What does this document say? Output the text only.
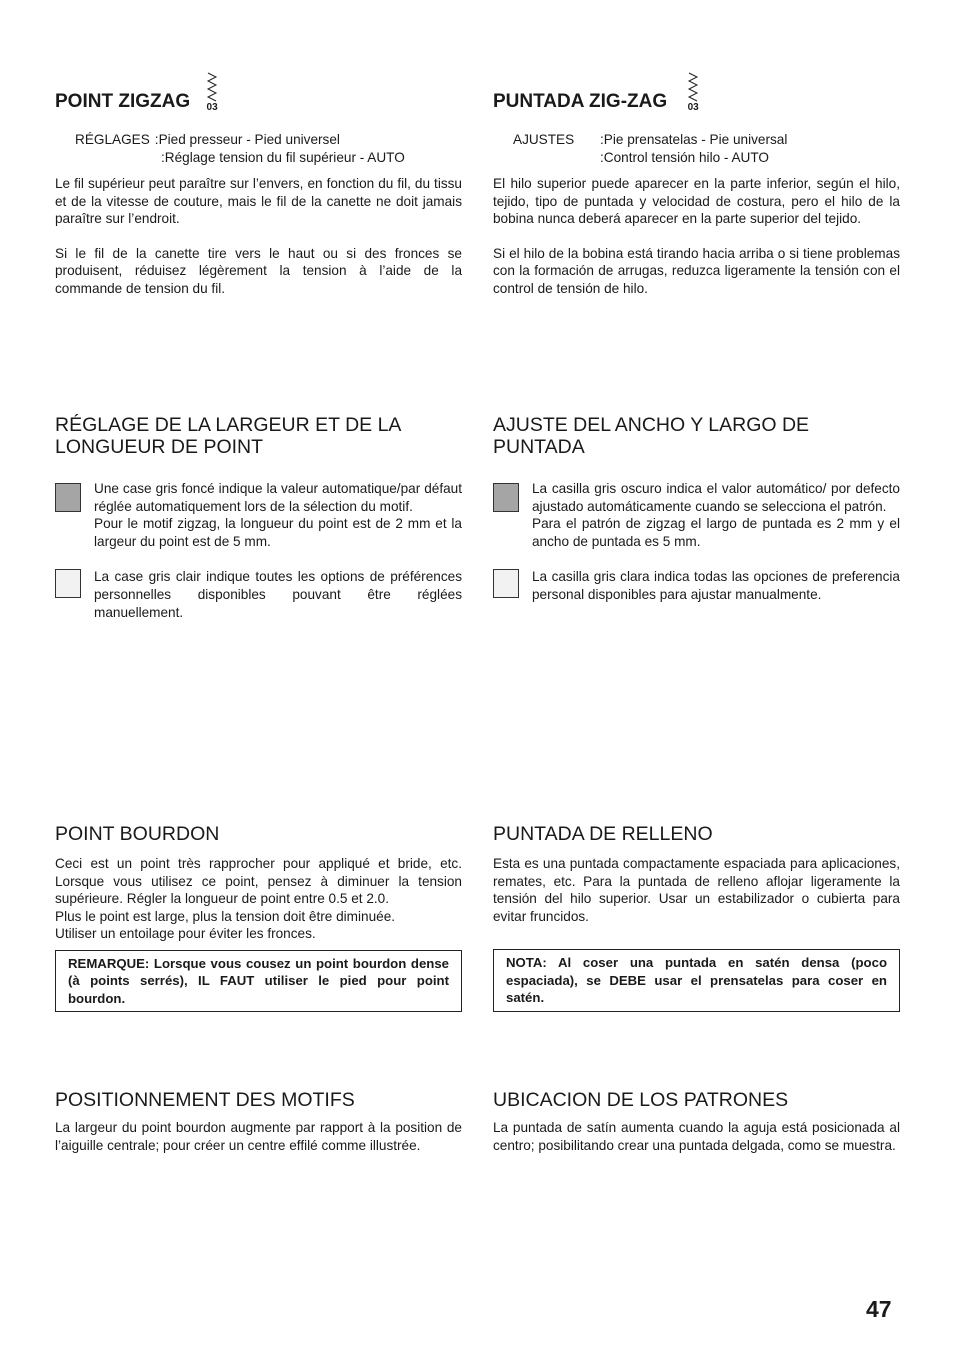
POINT ZIGZAG 03
RÉGLAGES :Pied presseur - Pied universel
:Réglage tension du fil supérieur - AUTO

Le fil supérieur peut paraître sur l’envers, en fonction du fil, du tissu et de la vitesse de couture, mais le fil de la canette ne doit jamais paraître sur l’endroit.

Si le fil de la canette tire vers le haut ou si des fronces se produisent, réduisez légèrement la tension à l’aide de la commande de tension du fil.

RÉGLAGE DE LA LARGEUR ET DE LA LONGUEUR DE POINT

Une case gris foncé indique la valeur automatique/par défaut réglée automatiquement lors de la sélection du motif.

Pour le motif zigzag, la longueur du point est de 2 mm et la largeur du point est de 5 mm.

La case gris clair indique toutes les options de préférences personnelles disponibles pouvant être réglées manuellement.

POINT BOURDON

Ceci est un point très rapprocher pour appliqué et bride, etc. Lorsque vous utilisez ce point, pensez à diminuer la tension supérieure. Régler la longueur de point entre 0.5 et 2.0.

Plus le point est large, plus la tension doit être diminuée.

Utiliser un entoilage pour éviter les fronces.

REMARQUE: Lorsque vous cousez un point bourdon dense (à points serrés), IL FAUT utiliser le pied pour point bourdon.
POSITIONNEMENT DES MOTIFS

La largeur du point bourdon augmente par rapport à la position de l’aiguille centrale; pour créer un centre effilé comme illustrée.

PUNTADA ZIG-ZAG 03
AJUSTES	:Pie prensatelas - Pie universal
:Control tensión hilo - AUTO

El hilo superior puede aparecer en la parte inferior, según el hilo, tejido, tipo de puntada y velocidad de costura, pero el hilo de la bobina nunca deberá aparecer en la parte superior del tejido.

Si el hilo de la bobina está tirando hacia arriba o si tiene problemas con la formación de arrugas, reduzca ligeramente la tensión con el control de tensión de hilo.

AJUSTE DEL ANCHO Y LARGO DE PUNTADA

La casilla gris oscuro indica el valor automático/ por defecto ajustado automáticamente cuando se selecciona el patrón.

Para el patrón de zigzag el largo de puntada es 2 mm y el ancho de puntada es 5 mm.

La casilla gris clara indica todas las opciones de preferencia personal disponibles para ajustar manualmente.

PUNTADA DE RELLENO

Esta es una puntada compactamente espaciada para aplicaciones, remates, etc. Para la puntada de relleno aflojar ligeramente la tensión del hilo superior. Usar un estabilizador o cubierta para evitar fruncidos.

NOTA: Al coser una puntada en satén densa (poco espaciada), se DEBE usar el prensatelas para coser en satén.
UBICACION DE LOS PATRONES

La puntada de satín aumenta cuando la aguja está posicionada al centro; posibilitando crear una puntada delgada, como se muestra.

47
